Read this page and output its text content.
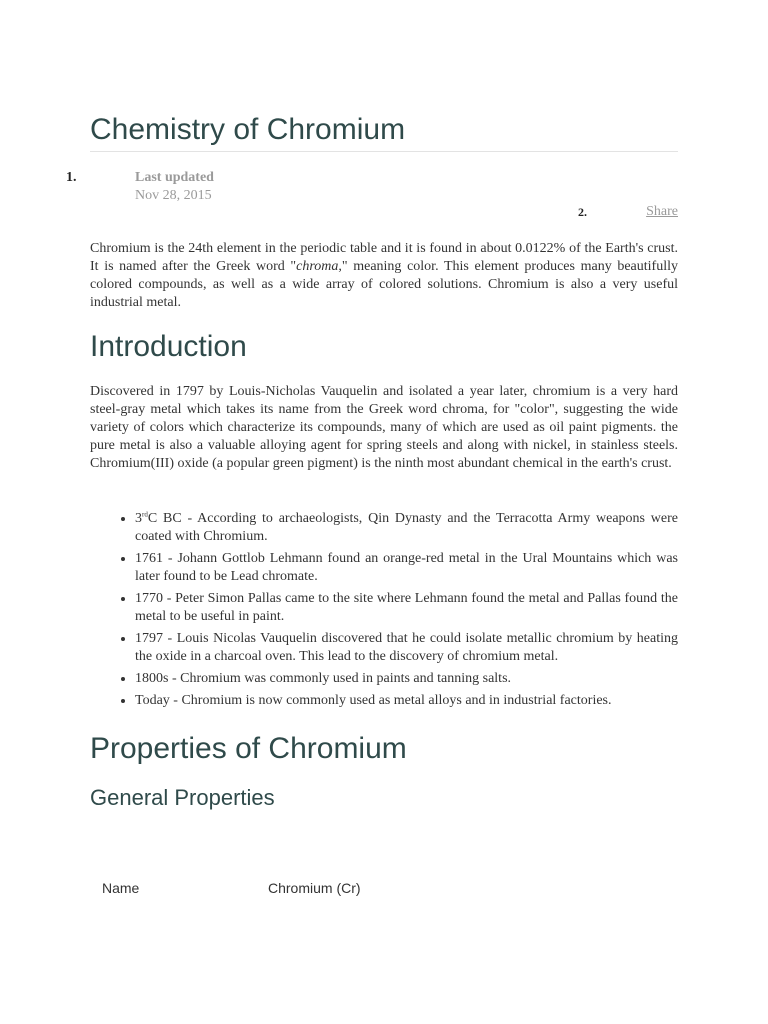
Chemistry of Chromium
1.	Last updated
Nov 28, 2015
2.	Share

Chromium is the 24th element in the periodic table and it is found in about 0.0122% of the Earth's crust. It is named after the Greek word "chroma," meaning color. This element produces many beautifully colored compounds, as well as a wide array of colored solutions. Chromium is also a very useful industrial metal.

Introduction

Discovered in 1797 by Louis-Nicholas Vauquelin and isolated a year later, chromium is a very hard steel-gray metal which takes its name from the Greek word chroma, for "color", suggesting the wide variety of colors which characterize its compounds, many of which are used as oil paint pigments. the pure metal is also a valuable alloying agent for spring steels and along with nickel, in stainless steels. Chromium(III) oxide (a popular green pigment) is the ninth most abundant chemical in the earth's crust.

• 3rdC BC - According to archaeologists, Qin Dynasty and the Terracotta Army weapons were coated with Chromium.
• 1761 - Johann Gottlob Lehmann found an orange-red metal in the Ural Mountains which was later found to be Lead chromate.
• 1770 - Peter Simon Pallas came to the site where Lehmann found the metal and Pallas found the metal to be useful in paint.
• 1797 - Louis Nicolas Vauquelin discovered that he could isolate metallic chromium by heating the oxide in a charcoal oven. This lead to the discovery of chromium metal.
• 1800s - Chromium was commonly used in paints and tanning salts.
• Today - Chromium is now commonly used as metal alloys and in industrial factories.
Properties of Chromium
General Properties
Name	Chromium (Cr)
